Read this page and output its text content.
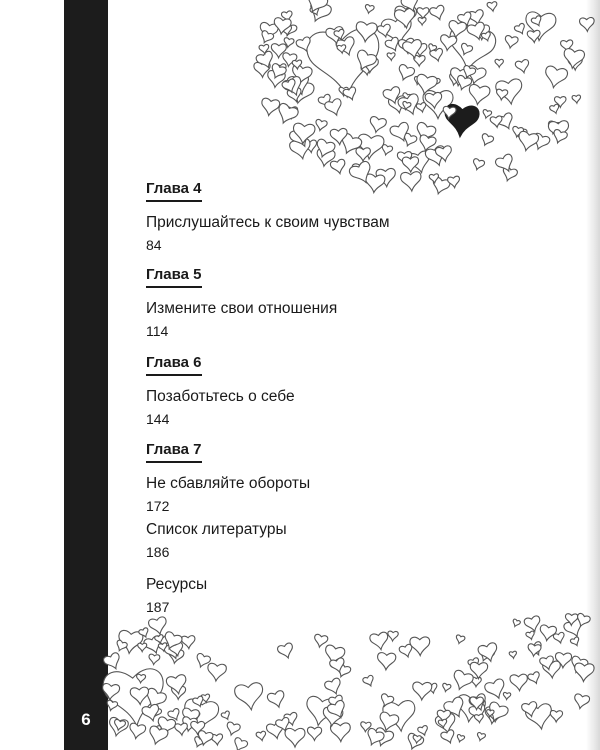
6
Глава 4
Прислушайтесь к своим чувствам
84
Глава 5
Измените свои отношения
114
Глава 6
Позаботьтесь о себе
144
Глава 7
Не сбавляйте обороты
172
Список литературы
186
Ресурсы
187
